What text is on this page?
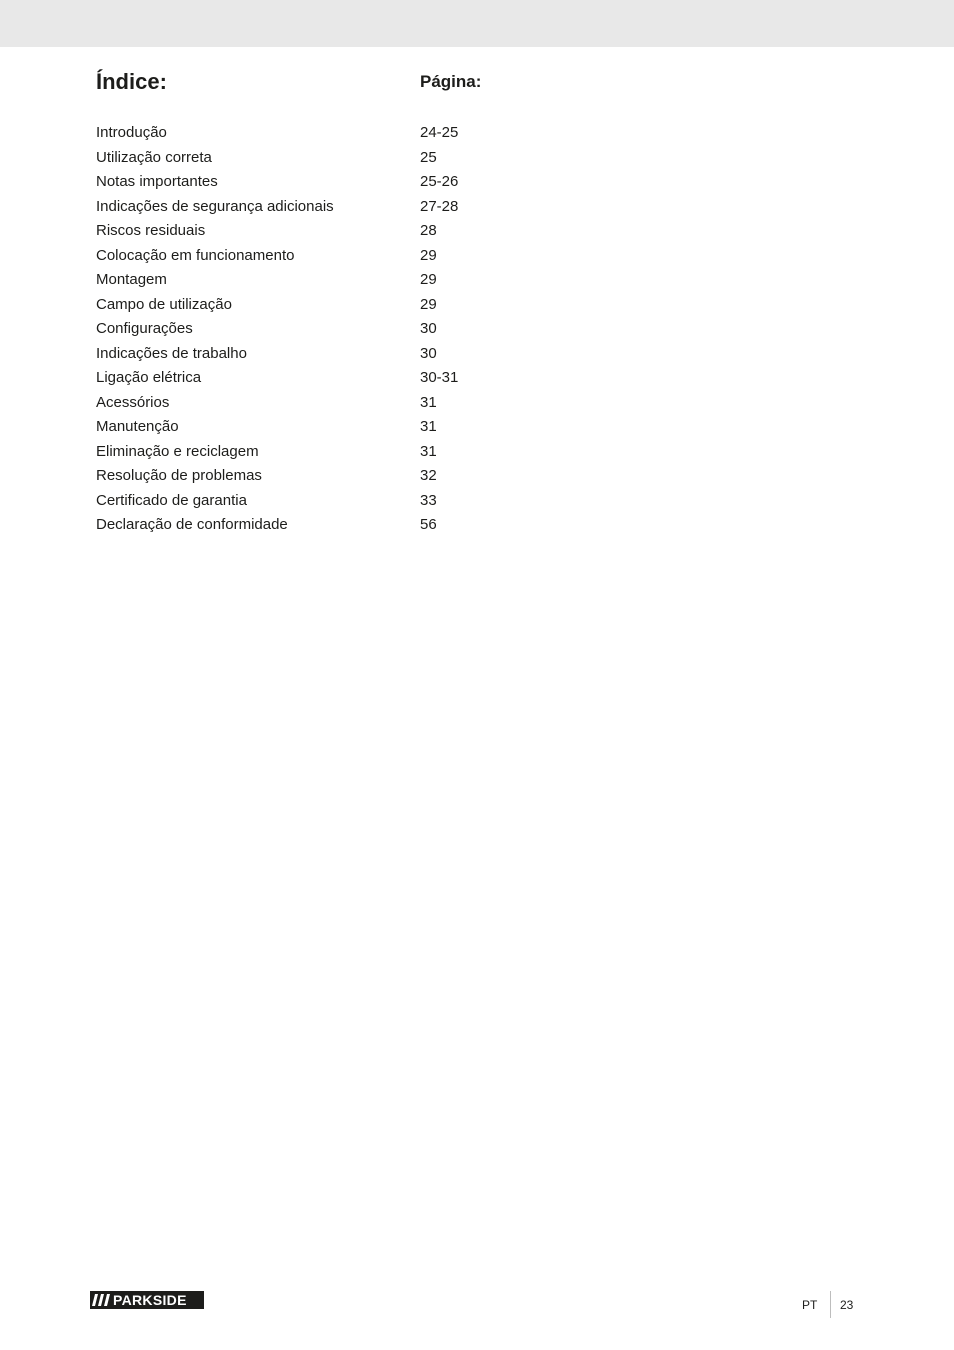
Índice:	Página:
Introdução	24-25
Utilização correta	25
Notas importantes	25-26
Indicações de segurança adicionais	27-28
Riscos residuais	28
Colocação em funcionamento	29
Montagem	29
Campo de utilização	29
Configurações	30
Indicações de trabalho	30
Ligação elétrica	30-31
Acessórios	31
Manutenção	31
Eliminação e reciclagem	31
Resolução de problemas	32
Certificado de garantia	33
Declaração de conformidade	56
PARKSIDE	PT 23
